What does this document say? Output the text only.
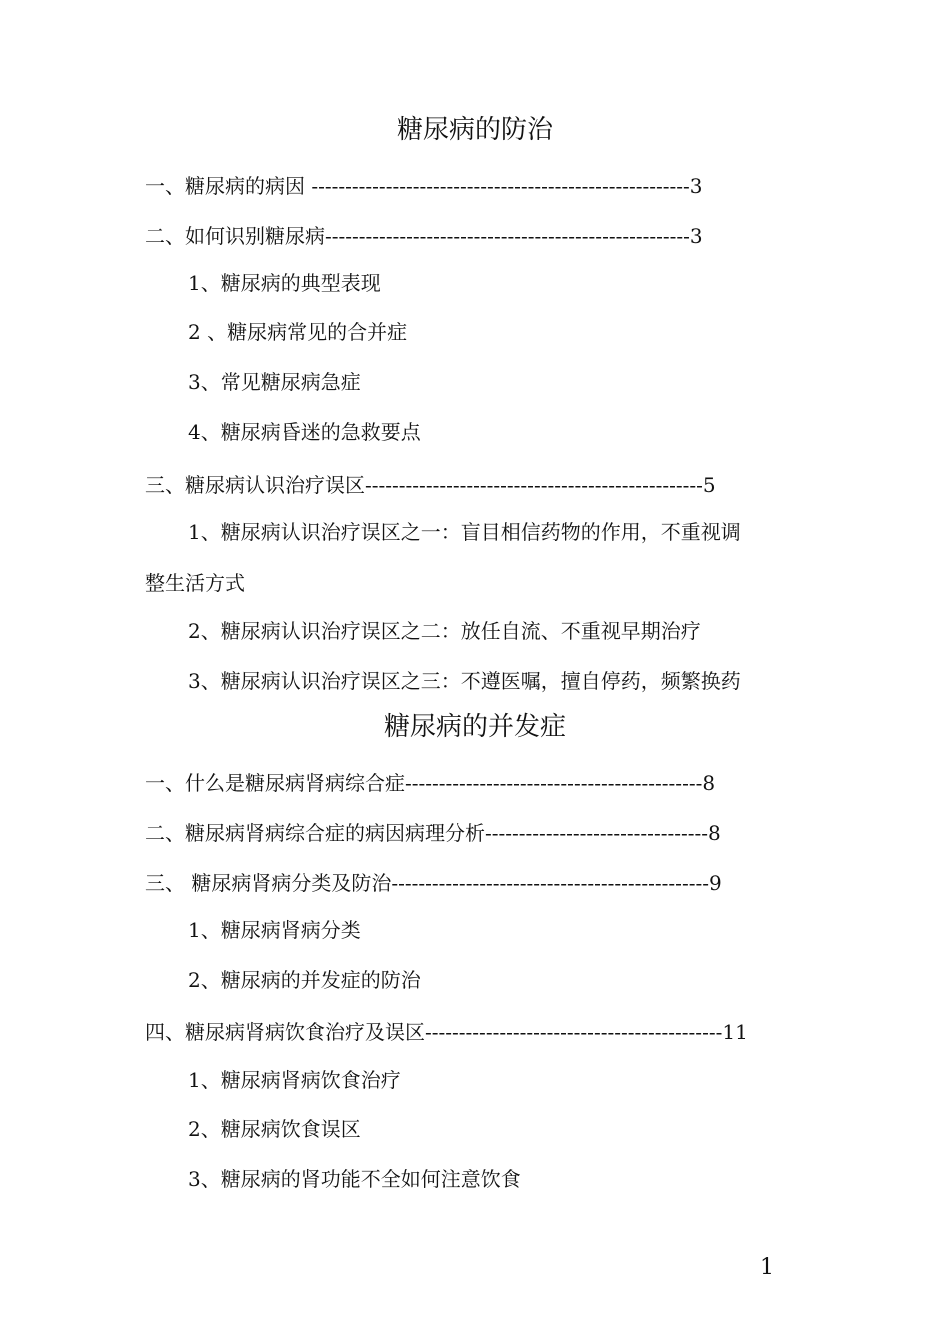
糖尿病的防治
一、糖尿病的病因 --------------------------------------------------------3
二、如何识别糖尿病------------------------------------------------------3
1、糖尿病的典型表现
2 、糖尿病常见的合并症
3、常见糖尿病急症
4、糖尿病昏迷的急救要点
三、糖尿病认识治疗误区--------------------------------------------------5
1、糖尿病认识治疗误区之一：盲目相信药物的作用，不重视调
整生活方式
2、糖尿病认识治疗误区之二：放任自流、不重视早期治疗
3、糖尿病认识治疗误区之三：不遵医嘱，擅自停药，频繁换药
糖尿病的并发症
一、什么是糖尿病肾病综合症--------------------------------------------8
二、糖尿病肾病综合症的病因病理分析---------------------------------8
三、 糖尿病肾病分类及防治-----------------------------------------------9
1、糖尿病肾病分类
2、糖尿病的并发症的防治
四、糖尿病肾病饮食治疗及误区--------------------------------------------11
1、糖尿病肾病饮食治疗
2、糖尿病饮食误区
3、糖尿病的肾功能不全如何注意饮食
1
